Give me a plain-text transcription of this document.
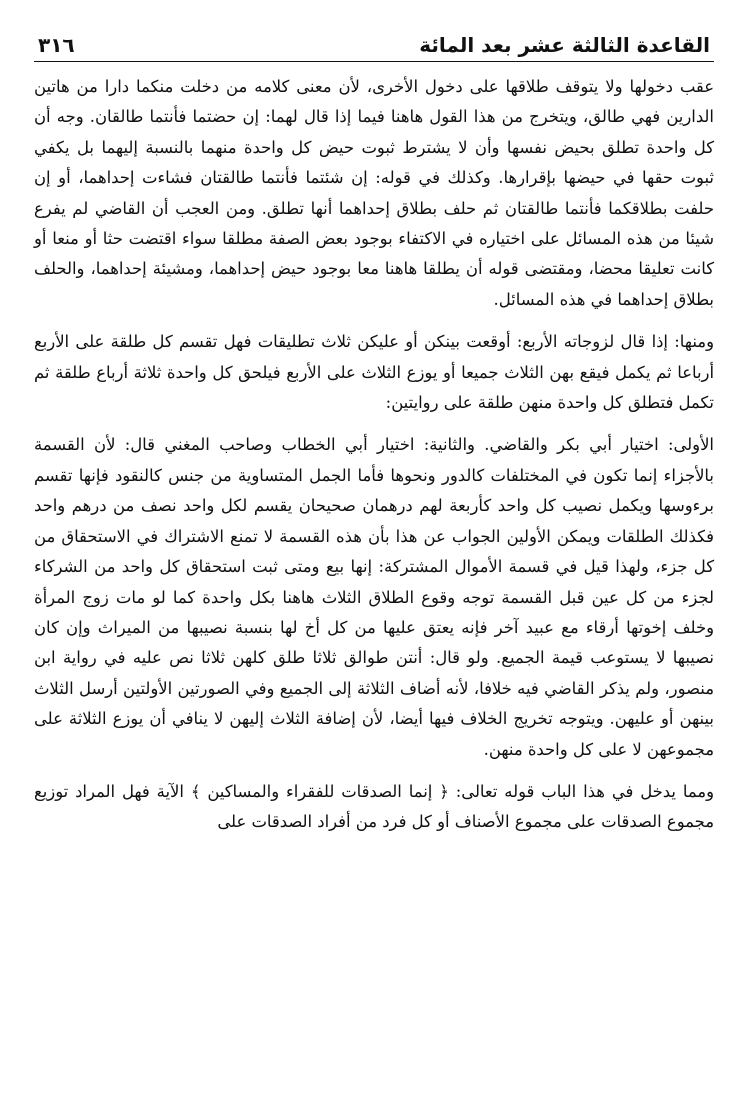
القاعدة الثالثة عشر بعد المائة
٣١٦

عقب دخولها ولا يتوقف طلاقها على دخول الأخرى، لأن معنى كلامه من دخلت منكما دارا من هاتين الدارين فهي طالق، ويتخرج من هذا القول هاهنا فيما إذا قال لهما: إن حضتما فأنتما طالقان. وجه أن كل واحدة تطلق بحيض نفسها وأن لا يشترط ثبوت حيض كل واحدة منهما بالنسبة إليهما بل يكفي ثبوت حقها في حيضها بإقرارها. وكذلك في قوله: إن شئتما فأنتما طالقتان فشاءت إحداهما، أو إن حلفت بطلاقكما فأنتما طالقتان ثم حلف بطلاق إحداهما أنها تطلق. ومن العجب أن القاضي لم يفرع شيئا من هذه المسائل على اختياره في الاكتفاء بوجود بعض الصفة مطلقا سواء اقتضت حثا أو منعا أو كانت تعليقا محضا، ومقتضى قوله أن يطلقا هاهنا معا بوجود حيض إحداهما، ومشيئة إحداهما، والحلف بطلاق إحداهما في هذه المسائل.

ومنها: إذا قال لزوجاته الأربع: أوقعت بينكن أو عليكن ثلاث تطليقات فهل تقسم كل طلقة على الأربع أرباعا ثم يكمل فيقع بهن الثلاث جميعا أو يوزع الثلاث على الأربع فيلحق كل واحدة ثلاثة أرباع طلقة ثم تكمل فتطلق كل واحدة منهن طلقة على روايتين:

الأولى: اختيار أبي بكر والقاضي. والثانية: اختيار أبي الخطاب وصاحب المغني قال: لأن القسمة بالأجزاء إنما تكون في المختلفات كالدور ونحوها فأما الجمل المتساوية من جنس كالنقود فإنها تقسم برءوسها ويكمل نصيب كل واحد كأربعة لهم درهمان صحيحان يقسم لكل واحد نصف من درهم واحد فكذلك الطلقات ويمكن الأولين الجواب عن هذا بأن هذه القسمة لا تمنع الاشتراك في الاستحقاق من كل جزء، ولهذا قيل في قسمة الأموال المشتركة: إنها بيع ومتى ثبت استحقاق كل واحد من الشركاء لجزء من كل عين قبل القسمة توجه وقوع الطلاق الثلاث هاهنا بكل واحدة كما لو مات زوج المرأة وخلف إخوتها أرقاء مع عبيد آخر فإنه يعتق عليها من كل أخ لها بنسبة نصيبها من الميراث وإن كان نصيبها لا يستوعب قيمة الجميع. ولو قال: أنتن طوالق ثلاثا طلق كلهن ثلاثا نص عليه في رواية ابن منصور، ولم يذكر القاضي فيه خلافا، لأنه أضاف الثلاثة إلى الجميع وفي الصورتين الأولتين أرسل الثلاث بينهن أو عليهن. ويتوجه تخريج الخلاف فيها أيضا، لأن إضافة الثلاث إليهن لا ينافي أن يوزع الثلاثة على مجموعهن لا على كل واحدة منهن.

ومما يدخل في هذا الباب قوله تعالى: ﴿ إنما الصدقات للفقراء والمساكين ﴾ الآية فهل المراد توزيع مجموع الصدقات على مجموع الأصناف أو كل فرد من أفراد الصدقات على
